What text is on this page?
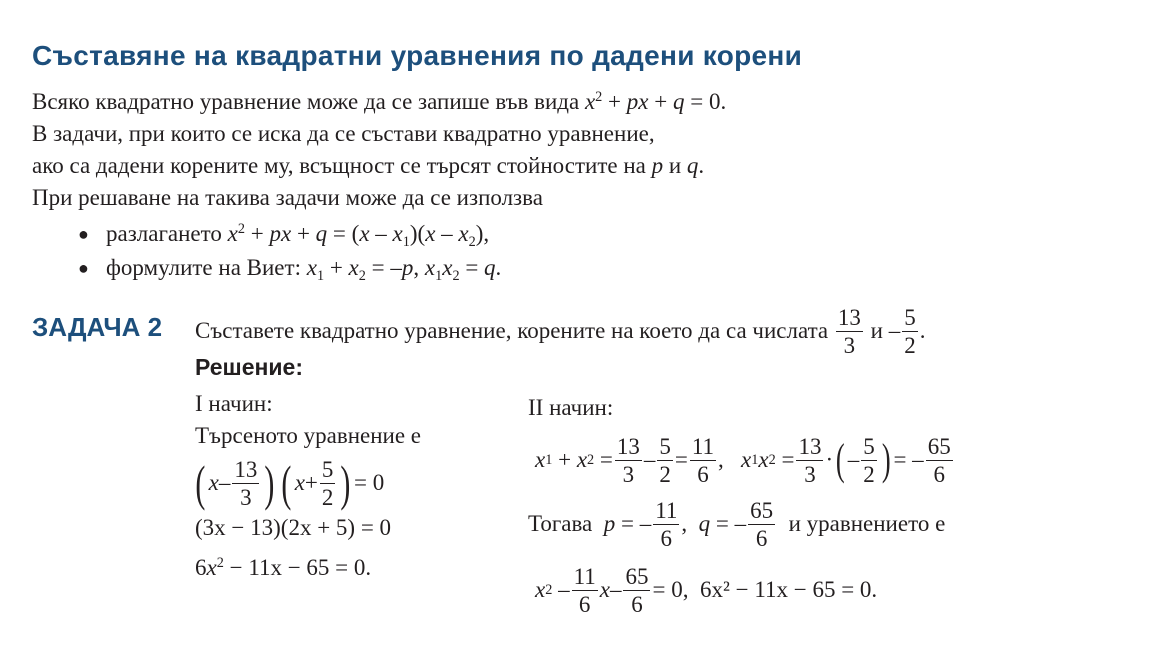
Съставяне на квадратни уравнения по дадени корени
Всяко квадратно уравнение може да се запише във вида $x^2$ + px + q = 0.
В задачи, при които се иска да се състави квадратно уравнение,
ако са дадени корените му, всъщност се търсят стойностите на p и q.
При решаване на такива задачи може да се използва
● разлагането $x^2$ + px + $q = (x - x_1)(x - x_2)$,
● формулите на Виет: $x_1 + x_2 = -p$, $x_1x_2 = q$.
ЗАДАЧА 2 Съставете квадратно уравнение, корените на което да са числата
$\frac{13}{3}$
и – $\frac{5}{2}$ .
Решение:
I начин:
Търсеното уравнение е
( x – $\frac{13}{3}$ ) ( $x + \frac{5}{2}$ ) = 0
(3x − 13)(2x + 5) = 0
$6x^2 - 11x - 65 = 0$.
II начин:
x 1 + x $2 = \frac{13}{3} - \frac{5}{2} = \frac{11}{6}$ , x 1 x $2 = \frac{13}{3}$ · ( – $\frac{5}{2}$ ) = – $\frac{65}{6}$
Тогава
p = – $\frac{11}{6}$ , q = – $\frac{65}{6}$
и уравнението е
x $2 - \frac{11}{6}$ $x - \frac{65}{6} = 0$, 6x² − 11x − 65 = 0.
